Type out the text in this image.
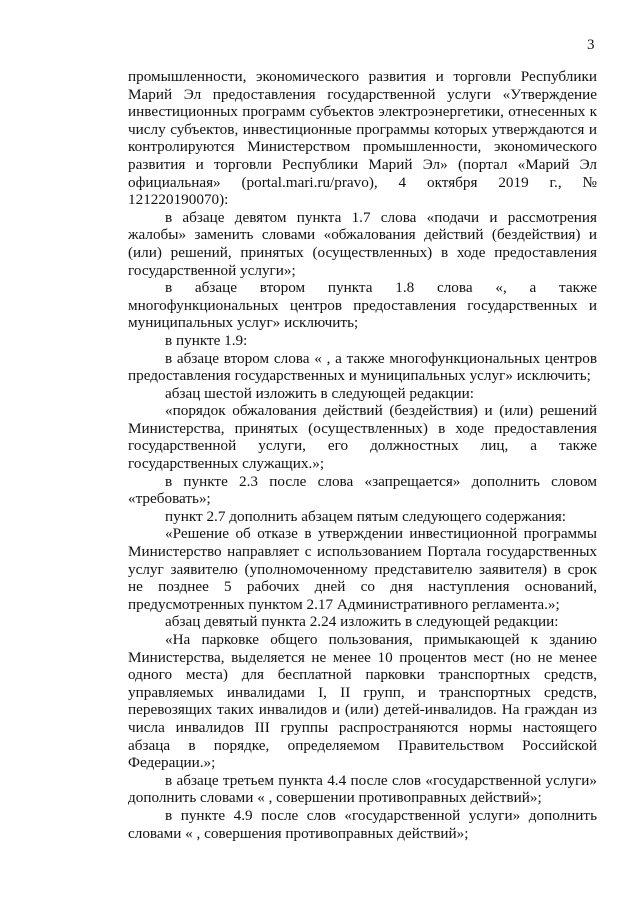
3

промышленности, экономического развития и торговли Республики Марий Эл предоставления государственной услуги «Утверждение инвестиционных программ субъектов электроэнергетики, отнесенных к числу субъектов, инвестиционные программы которых утверждаются и контролируются Министерством промышленности, экономического развития и торговли Республики Марий Эл» (портал «Марий Эл официальная» (portal.mari.ru/pravo), 4 октября 2019 г., № 121220190070):

в абзаце девятом пункта 1.7 слова «подачи и рассмотрения жалобы» заменить словами «обжалования действий (бездействия) и (или) решений, принятых (осуществленных) в ходе предоставления государственной услуги»;

в абзаце втором пункта 1.8 слова «, а также многофункциональных центров предоставления государственных и муниципальных услуг» исключить;

в пункте 1.9:

в абзаце втором слова « , а также многофункциональных центров предоставления государственных и муниципальных услуг» исключить;

абзац шестой изложить в следующей редакции:

«порядок обжалования действий (бездействия) и (или) решений Министерства, принятых (осуществленных) в ходе предоставления государственной услуги, его должностных лиц, а также государственных служащих.»;

в пункте 2.3 после слова «запрещается» дополнить словом «требовать»;

пункт 2.7 дополнить абзацем пятым следующего содержания:

«Решение об отказе в утверждении инвестиционной программы Министерство направляет с использованием Портала государственных услуг заявителю (уполномоченному представителю заявителя) в срок не позднее 5 рабочих дней со дня наступления оснований, предусмотренных пунктом 2.17 Административного регламента.»;

абзац девятый пункта 2.24 изложить в следующей редакции:

«На парковке общего пользования, примыкающей к зданию Министерства, выделяется не менее 10 процентов мест (но не менее одного места) для бесплатной парковки транспортных средств, управляемых инвалидами I, II групп, и транспортных средств, перевозящих таких инвалидов и (или) детей-инвалидов. На граждан из числа инвалидов III группы распространяются нормы настоящего абзаца в порядке, определяемом Правительством Российской Федерации.»;

в абзаце третьем пункта 4.4 после слов «государственной услуги» дополнить словами « , совершении противоправных действий»;

в пункте 4.9 после слов «государственной услуги» дополнить словами « , совершения противоправных действий»;
